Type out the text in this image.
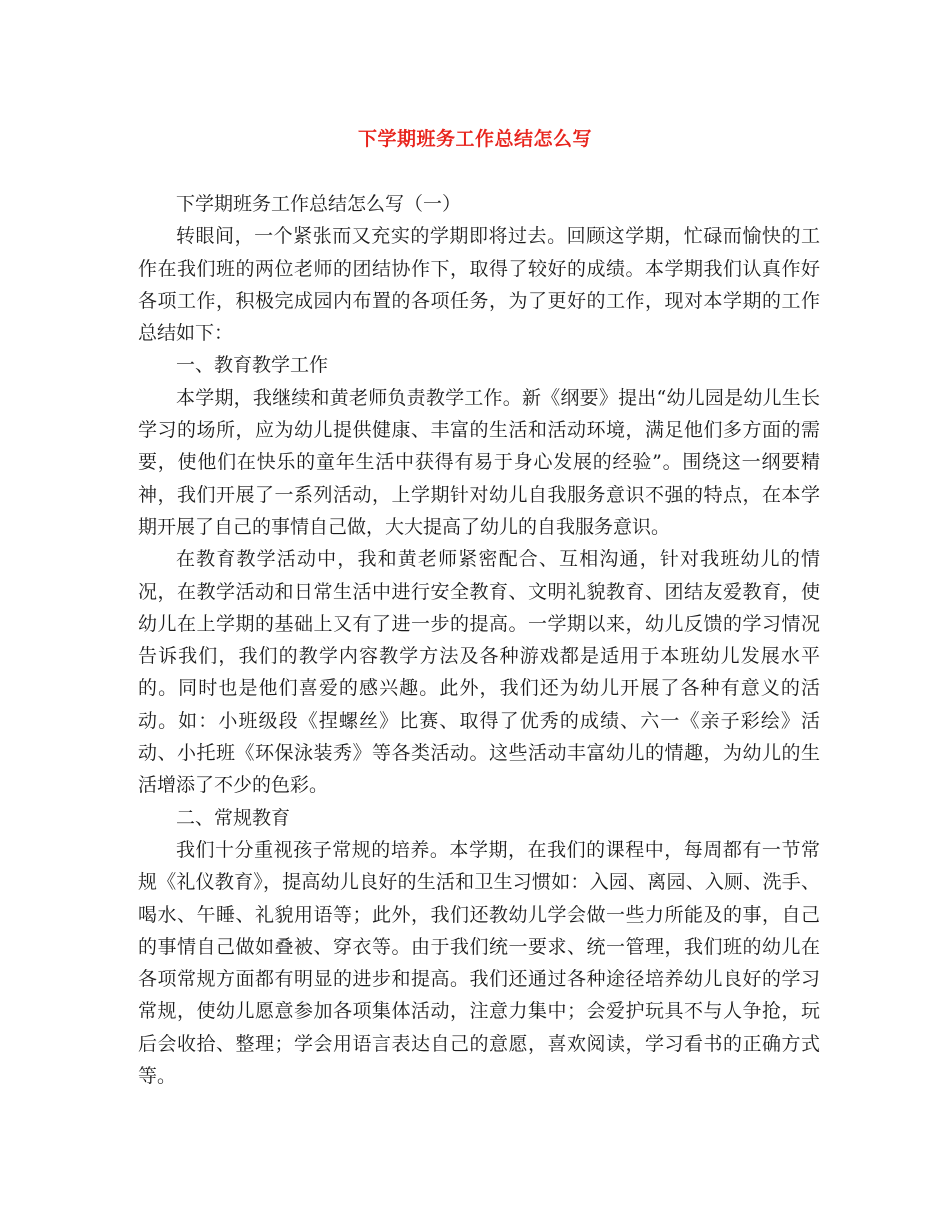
下学期班务工作总结怎么写

下学期班务工作总结怎么写（一）

转眼间，一个紧张而又充实的学期即将过去。回顾这学期，忙碌而愉快的工作在我们班的两位老师的团结协作下，取得了较好的成绩。本学期我们认真作好各项工作，积极完成园内布置的各项任务，为了更好的工作，现对本学期的工作总结如下：

一、教育教学工作

本学期，我继续和黄老师负责教学工作。新《纲要》提出“幼儿园是幼儿生长学习的场所，应为幼儿提供健康、丰富的生活和活动环境，满足他们多方面的需要，使他们在快乐的童年生活中获得有易于身心发展的经验”。围绕这一纲要精神，我们开展了一系列活动，上学期针对幼儿自我服务意识不强的特点，在本学期开展了自己的事情自己做，大大提高了幼儿的自我服务意识。

在教育教学活动中，我和黄老师紧密配合、互相沟通，针对我班幼儿的情况，在教学活动和日常生活中进行安全教育、文明礼貌教育、团结友爱教育，使幼儿在上学期的基础上又有了进一步的提高。一学期以来，幼儿反馈的学习情况告诉我们，我们的教学内容教学方法及各种游戏都是适用于本班幼儿发展水平的。同时也是他们喜爱的感兴趣。此外，我们还为幼儿开展了各种有意义的活动。如：小班级段《捏螺丝》比赛、取得了优秀的成绩、六一《亲子彩绘》活动、小托班《环保泳装秀》等各类活动。这些活动丰富幼儿的情趣，为幼儿的生活增添了不少的色彩。

二、常规教育

我们十分重视孩子常规的培养。本学期，在我们的课程中，每周都有一节常规《礼仪教育》，提高幼儿良好的生活和卫生习惯如：入园、离园、入厕、洗手、喝水、午睡、礼貌用语等；此外，我们还教幼儿学会做一些力所能及的事，自己的事情自己做如叠被、穿衣等。由于我们统一要求、统一管理，我们班的幼儿在各项常规方面都有明显的进步和提高。我们还通过各种途径培养幼儿良好的学习常规，使幼儿愿意参加各项集体活动，注意力集中；会爱护玩具不与人争抢，玩后会收拾、整理；学会用语言表达自己的意愿，喜欢阅读，学习看书的正确方式等。
